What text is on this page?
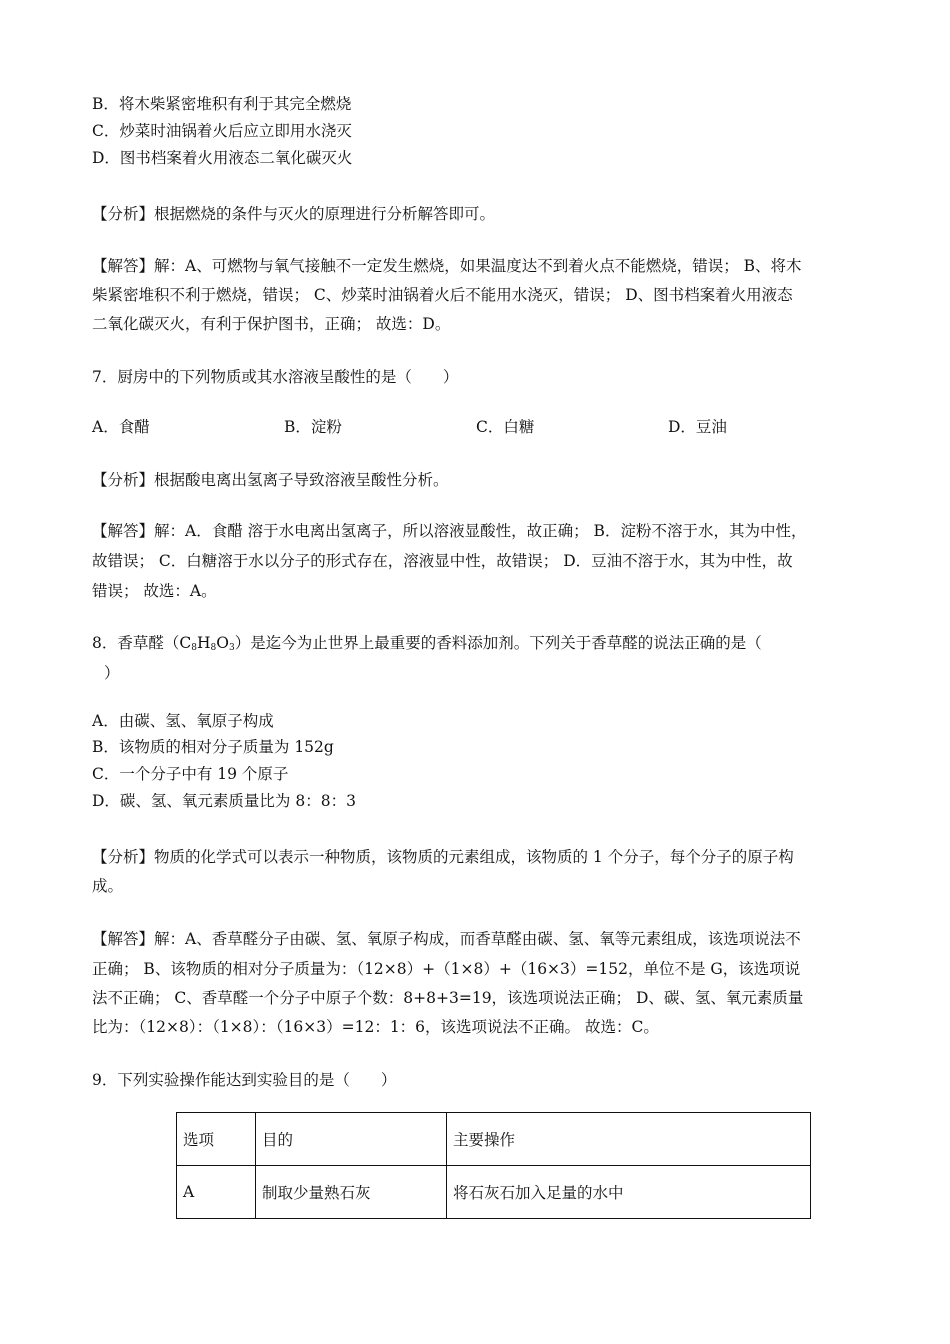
B．将木柴紧密堆积有利于其完全燃烧
C．炒菜时油锅着火后应立即用水浇灭
D．图书档案着火用液态二氧化碳灭火
【分析】根据燃烧的条件与灭火的原理进行分析解答即可。
【解答】解：A、可燃物与氧气接触不一定发生燃烧，如果温度达不到着火点不能燃烧，错误； B、将木
柴紧密堆积不利于燃烧，错误； C、炒菜时油锅着火后不能用水浇灭，错误； D、图书档案着火用液态
二氧化碳灭火，有利于保护图书，正确； 故选：D。
7．厨房中的下列物质或其水溶液呈酸性的是（　　）
A．食醋	B．淀粉	C．白糖	D．豆油
【分析】根据酸电离出氢离子导致溶液呈酸性分析。
【解答】解：A．食醋 溶于水电离出氢离子，所以溶液显酸性，故正确； B．淀粉不溶于水，其为中性，
故错误； C．白糖溶于水以分子的形式存在，溶液显中性，故错误； D．豆油不溶于水，其为中性，故
错误； 故选：A。
8．香草醛$(C_8H_8O_3)$是迄今为止世界上最重要的香料添加剂。下列关于香草醛的说法正确的是（
）
A．由碳、氢、氧原子构成
B．该物质的相对分子质量为 152g
C．一个分子中有 19 个原子
D．碳、氢、氧元素质量比为 8：8：3
【分析】物质的化学式可以表示一种物质，该物质的元素组成，该物质的 1 个分子，每个分子的原子构
成。
【解答】解：A、香草醛分子由碳、氢、氧原子构成，而香草醛由碳、氢、氧等元素组成，该选项说法不
正确； B、该物质的相对分子质量为：（12×8）+（1×8）+（16×3）=152，单位不是 G，该选项说
法不正确； C、香草醛一个分子中原子个数：8+8+3=19，该选项说法正确； D、碳、氢、氧元素质量
比为：（12×8）：（1×8）：（16×3）=12：1：6，该选项说法不正确。 故选：C。
9．下列实验操作能达到实验目的是（　　）
选项	目的	主要操作
A	制取少量熟石灰	将石灰石加入足量的水中
